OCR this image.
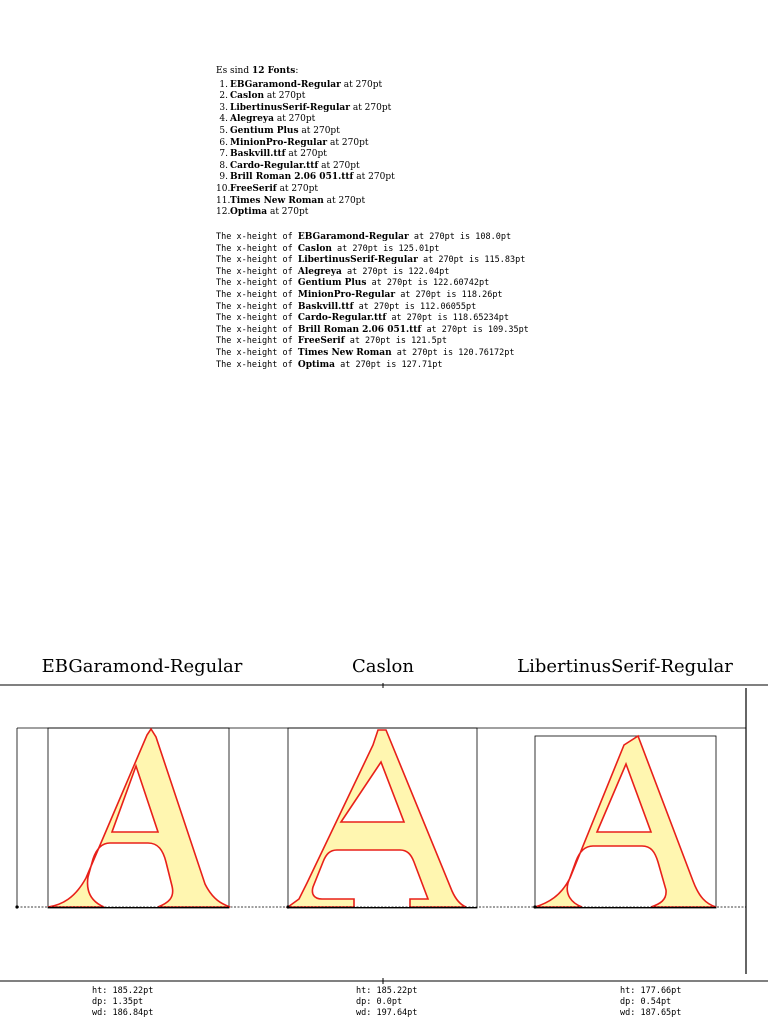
Es sind 12 Fonts:
1. EBGaramond-Regular at 270pt
2. Caslon at 270pt
3. LibertinusSerif-Regular at 270pt
4. Alegreya at 270pt
5. Gentium Plus at 270pt
6. MinionPro-Regular at 270pt
7. Baskvill.ttf at 270pt
8. Cardo-Regular.ttf at 270pt
9. Brill Roman 2.06 051.ttf at 270pt
10. FreeSerif at 270pt
11. Times New Roman at 270pt
12. Optima at 270pt
The x-height of EBGaramond-Regular at 270pt is 108.0pt
The x-height of Caslon at 270pt is 125.01pt
The x-height of LibertinusSerif-Regular at 270pt is 115.83pt
The x-height of Alegreya at 270pt is 122.04pt
The x-height of Gentium Plus at 270pt is 122.60742pt
The x-height of MinionPro-Regular at 270pt is 118.26pt
The x-height of Baskvill.ttf at 270pt is 112.06055pt
The x-height of Cardo-Regular.ttf at 270pt is 118.65234pt
The x-height of Brill Roman 2.06 051.ttf at 270pt is 109.35pt
The x-height of FreeSerif at 270pt is 121.5pt
The x-height of Times New Roman at 270pt is 120.76172pt
The x-height of Optima at 270pt is 127.71pt
EBGaramond-Regular	Caslon	LibertinusSerif-Regular
ht: 185.22pt
dp: 1.35pt
wd: 186.84pt
ht: 185.22pt
dp: 0.0pt
wd: 197.64pt
ht: 177.66pt
dp: 0.54pt
wd: 187.65pt
